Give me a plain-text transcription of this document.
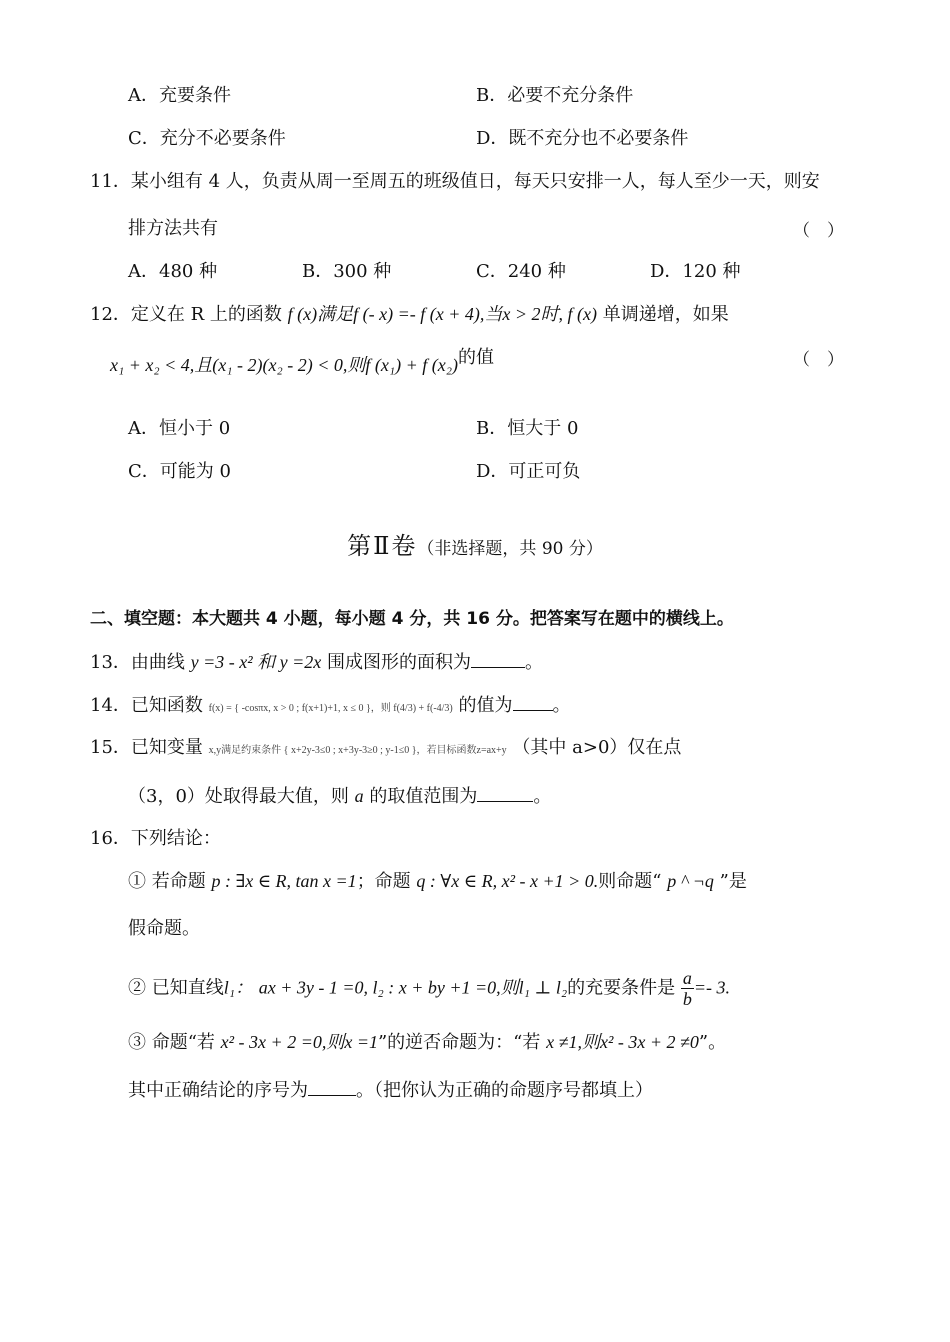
A．充要条件	B．必要不充分条件
C．充分不必要条件	D．既不充分也不必要条件
11．某小组有 4 人，负责从周一至周五的班级值日，每天只安排一人，每人至少一天，则安
排方法共有	（　）
A．480 种	B．300 种	C．240 种	D．120 种
12．定义在 R 上的函数 f (x)满足f (- x) =- f (x + 4),当x > 2时, f (x) 单调递增，如果
x₁ + x₂ < 4,且(x₁ - 2)(x₂ - 2) < 0,则f (x₁) + f (x₂)的值	（　）
A．恒小于 0	B．恒大于 0
C．可能为 0	D．可正可负
第Ⅱ卷（非选择题，共 90 分）
二、填空题：本大题共 4 小题，每小题 4 分，共 16 分。把答案写在题中的横线上。
13．由曲线 y =3 - x² 和 y =2x 围成图形的面积为	。
14．已知函数 f(x) = { -cosπx, x > 0 ; f(x+1)+1, x ≤ 0 }，则 f(4/3) + f(-4/3) 的值为 。
15．已知变量 x,y满足约束条件 { x+2y-3≤0 ; x+3y-3≥0 ; y-1≤0 }，若目标函数z=ax+y （其中 a>0）仅在点
（3，0）处取得最大值，则 a 的取值范围为	。
16．下列结论：
① 若命题 p : ∃x ∈ R, tan x =1；命题 q : ∀x ∈ R, x² - x +1 > 0.则命题“ p ^ ¬q ”是
假命题。
② 已知直线l₁： ax + 3y - 1 =0, l₂ : x + by +1 =0,则l₁ ⊥ l₂的充要条件是 $\frac{a}{b} =- 3$.
③ 命题“若 x² - 3x + 2 =0,则x =1”的逆否命题为：“若 x ≠1,则x² - 3x + 2 ≠0”。
其中正确结论的序号为	。（把你认为正确的命题序号都填上）
